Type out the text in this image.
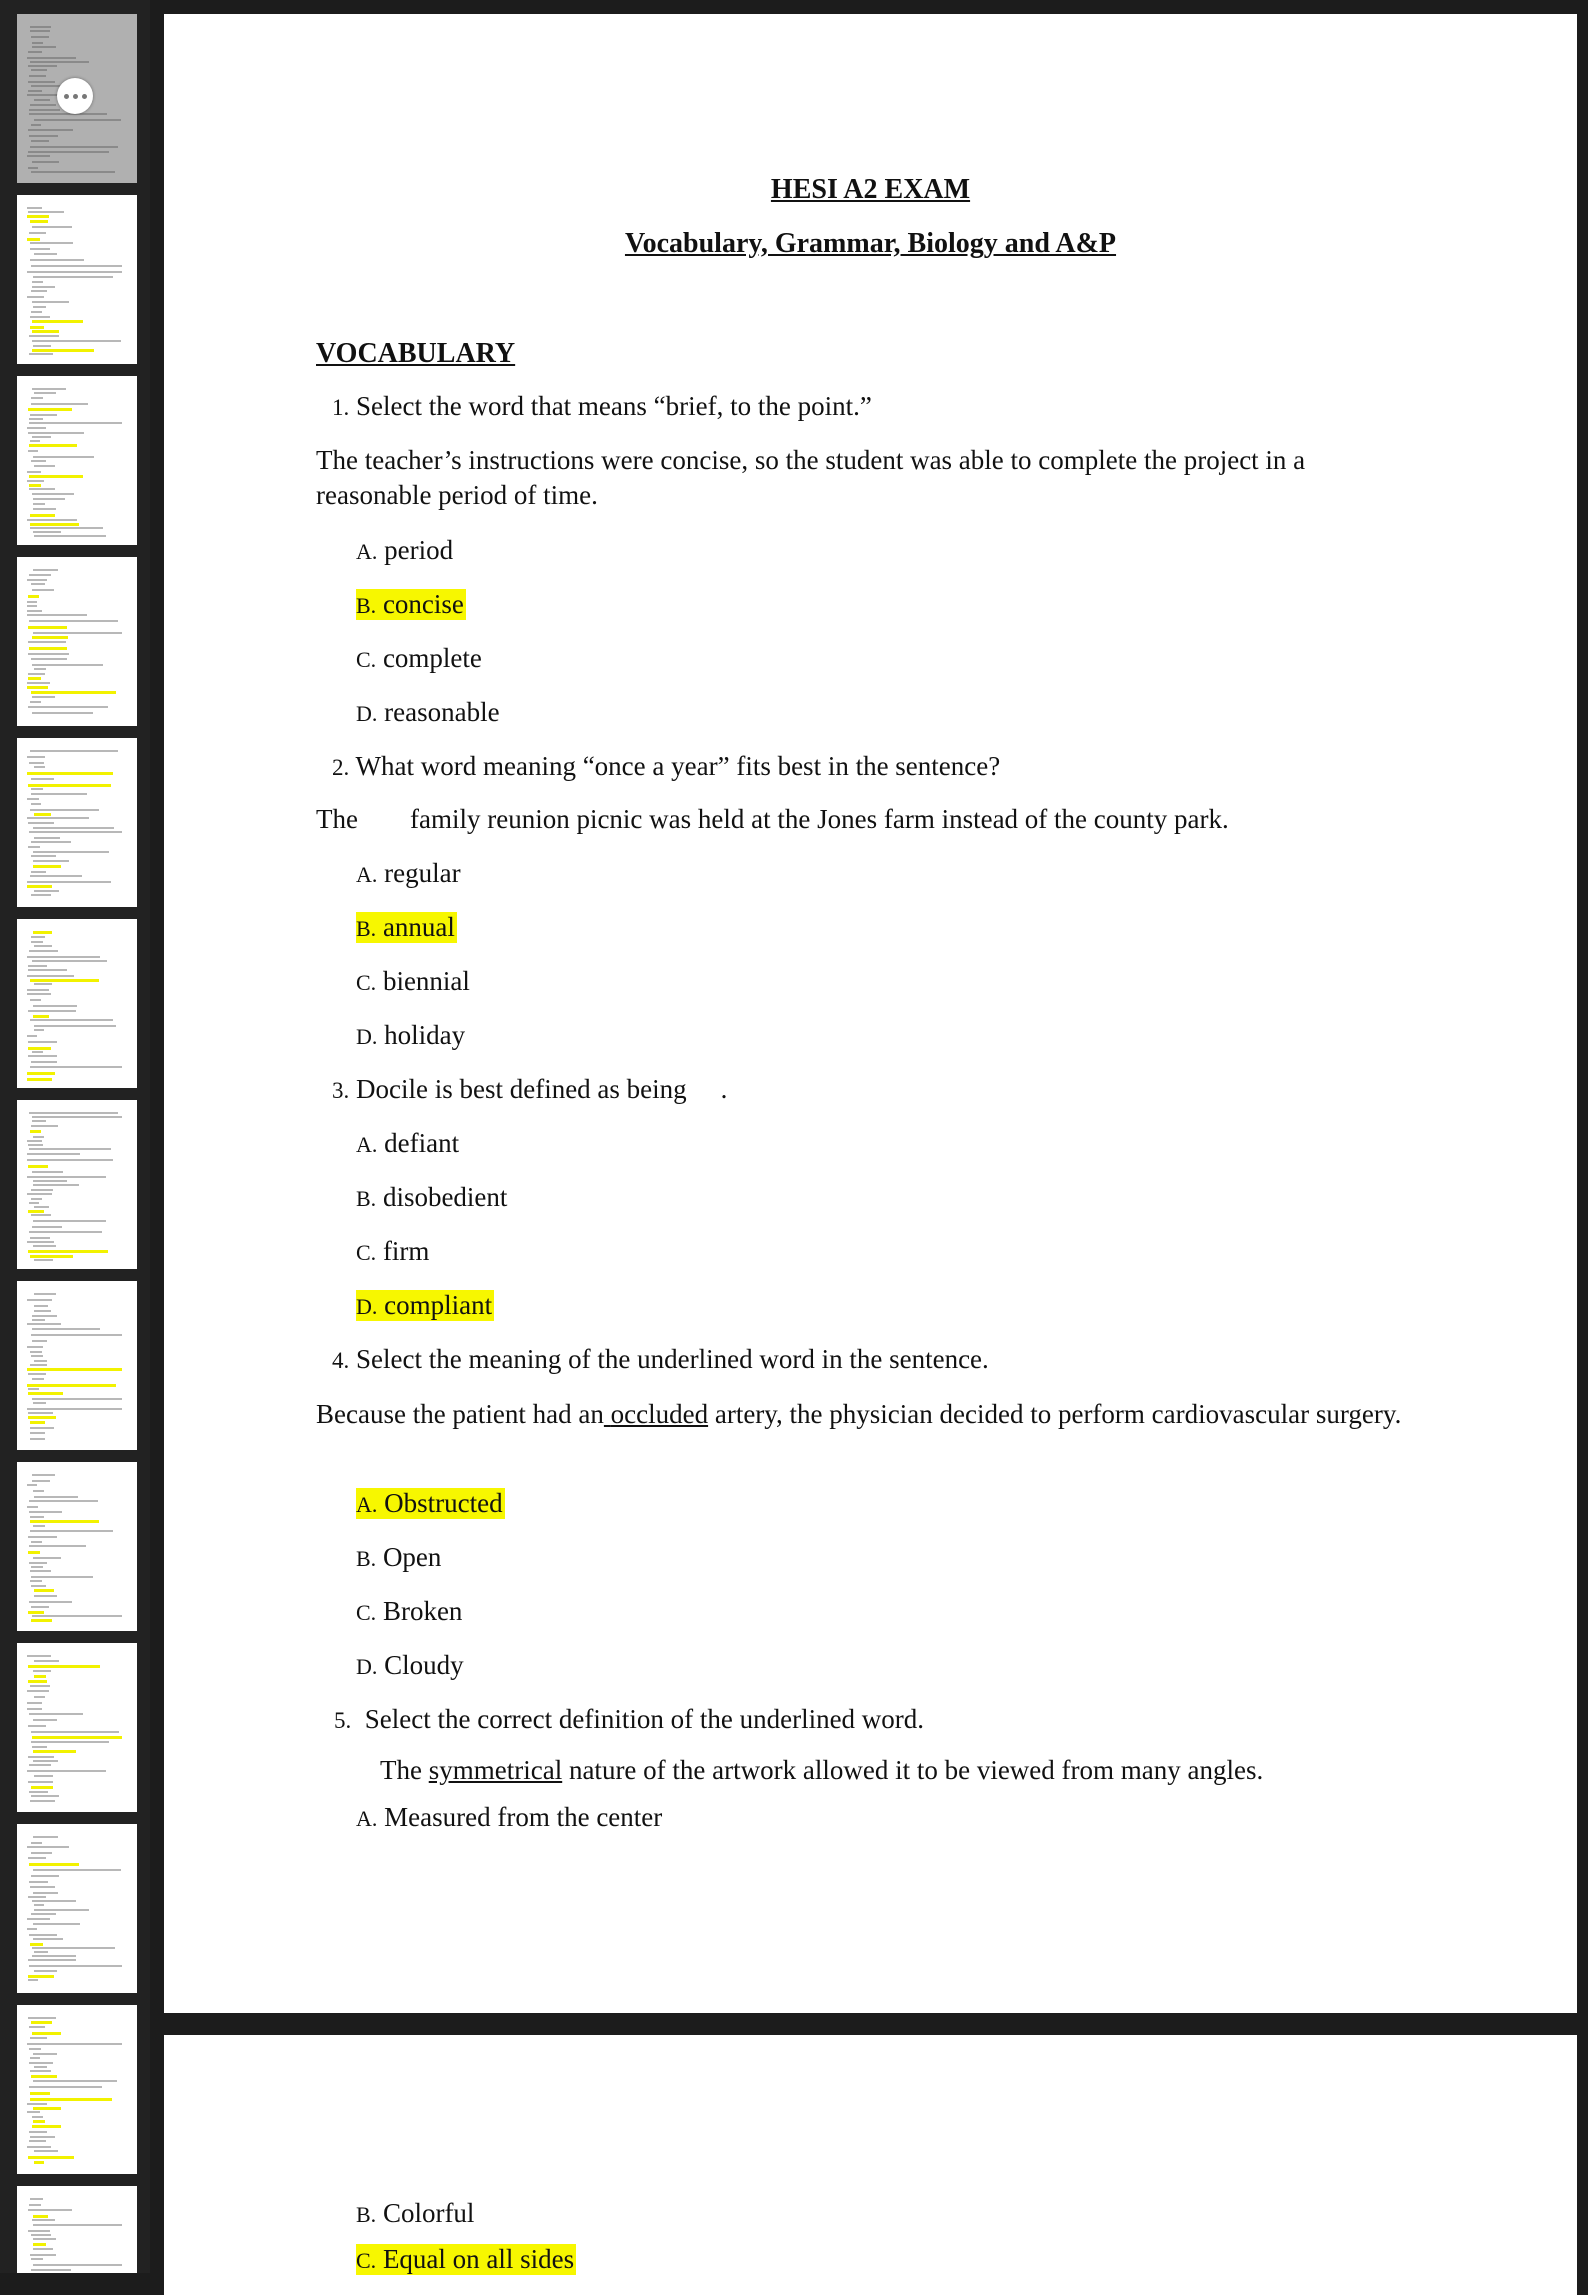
HESI A2 EXAM
Vocabulary, Grammar, Biology and A&P
VOCABULARY
1. Select the word that means “brief, to the point.”
The teacher’s instructions were concise, so the student was able to complete the project in a reasonable period of time.
A. period
B. concise
C. complete
D. reasonable
2. What word meaning “once a year” fits best in the sentence?
The family reunion picnic was held at the Jones farm instead of the county park.
A. regular
B. annual
C. biennial
D. holiday
3. Docile is best defined as being .
A. defiant
B. disobedient
C. firm
D. compliant
4. Select the meaning of the underlined word in the sentence.
Because the patient had an occluded artery, the physician decided to perform cardiovascular surgery.
A. Obstructed
B. Open
C. Broken
D. Cloudy
5. Select the correct definition of the underlined word.
The symmetrical nature of the artwork allowed it to be viewed from many angles.
A. Measured from the center
B. Colorful
C. Equal on all sides
